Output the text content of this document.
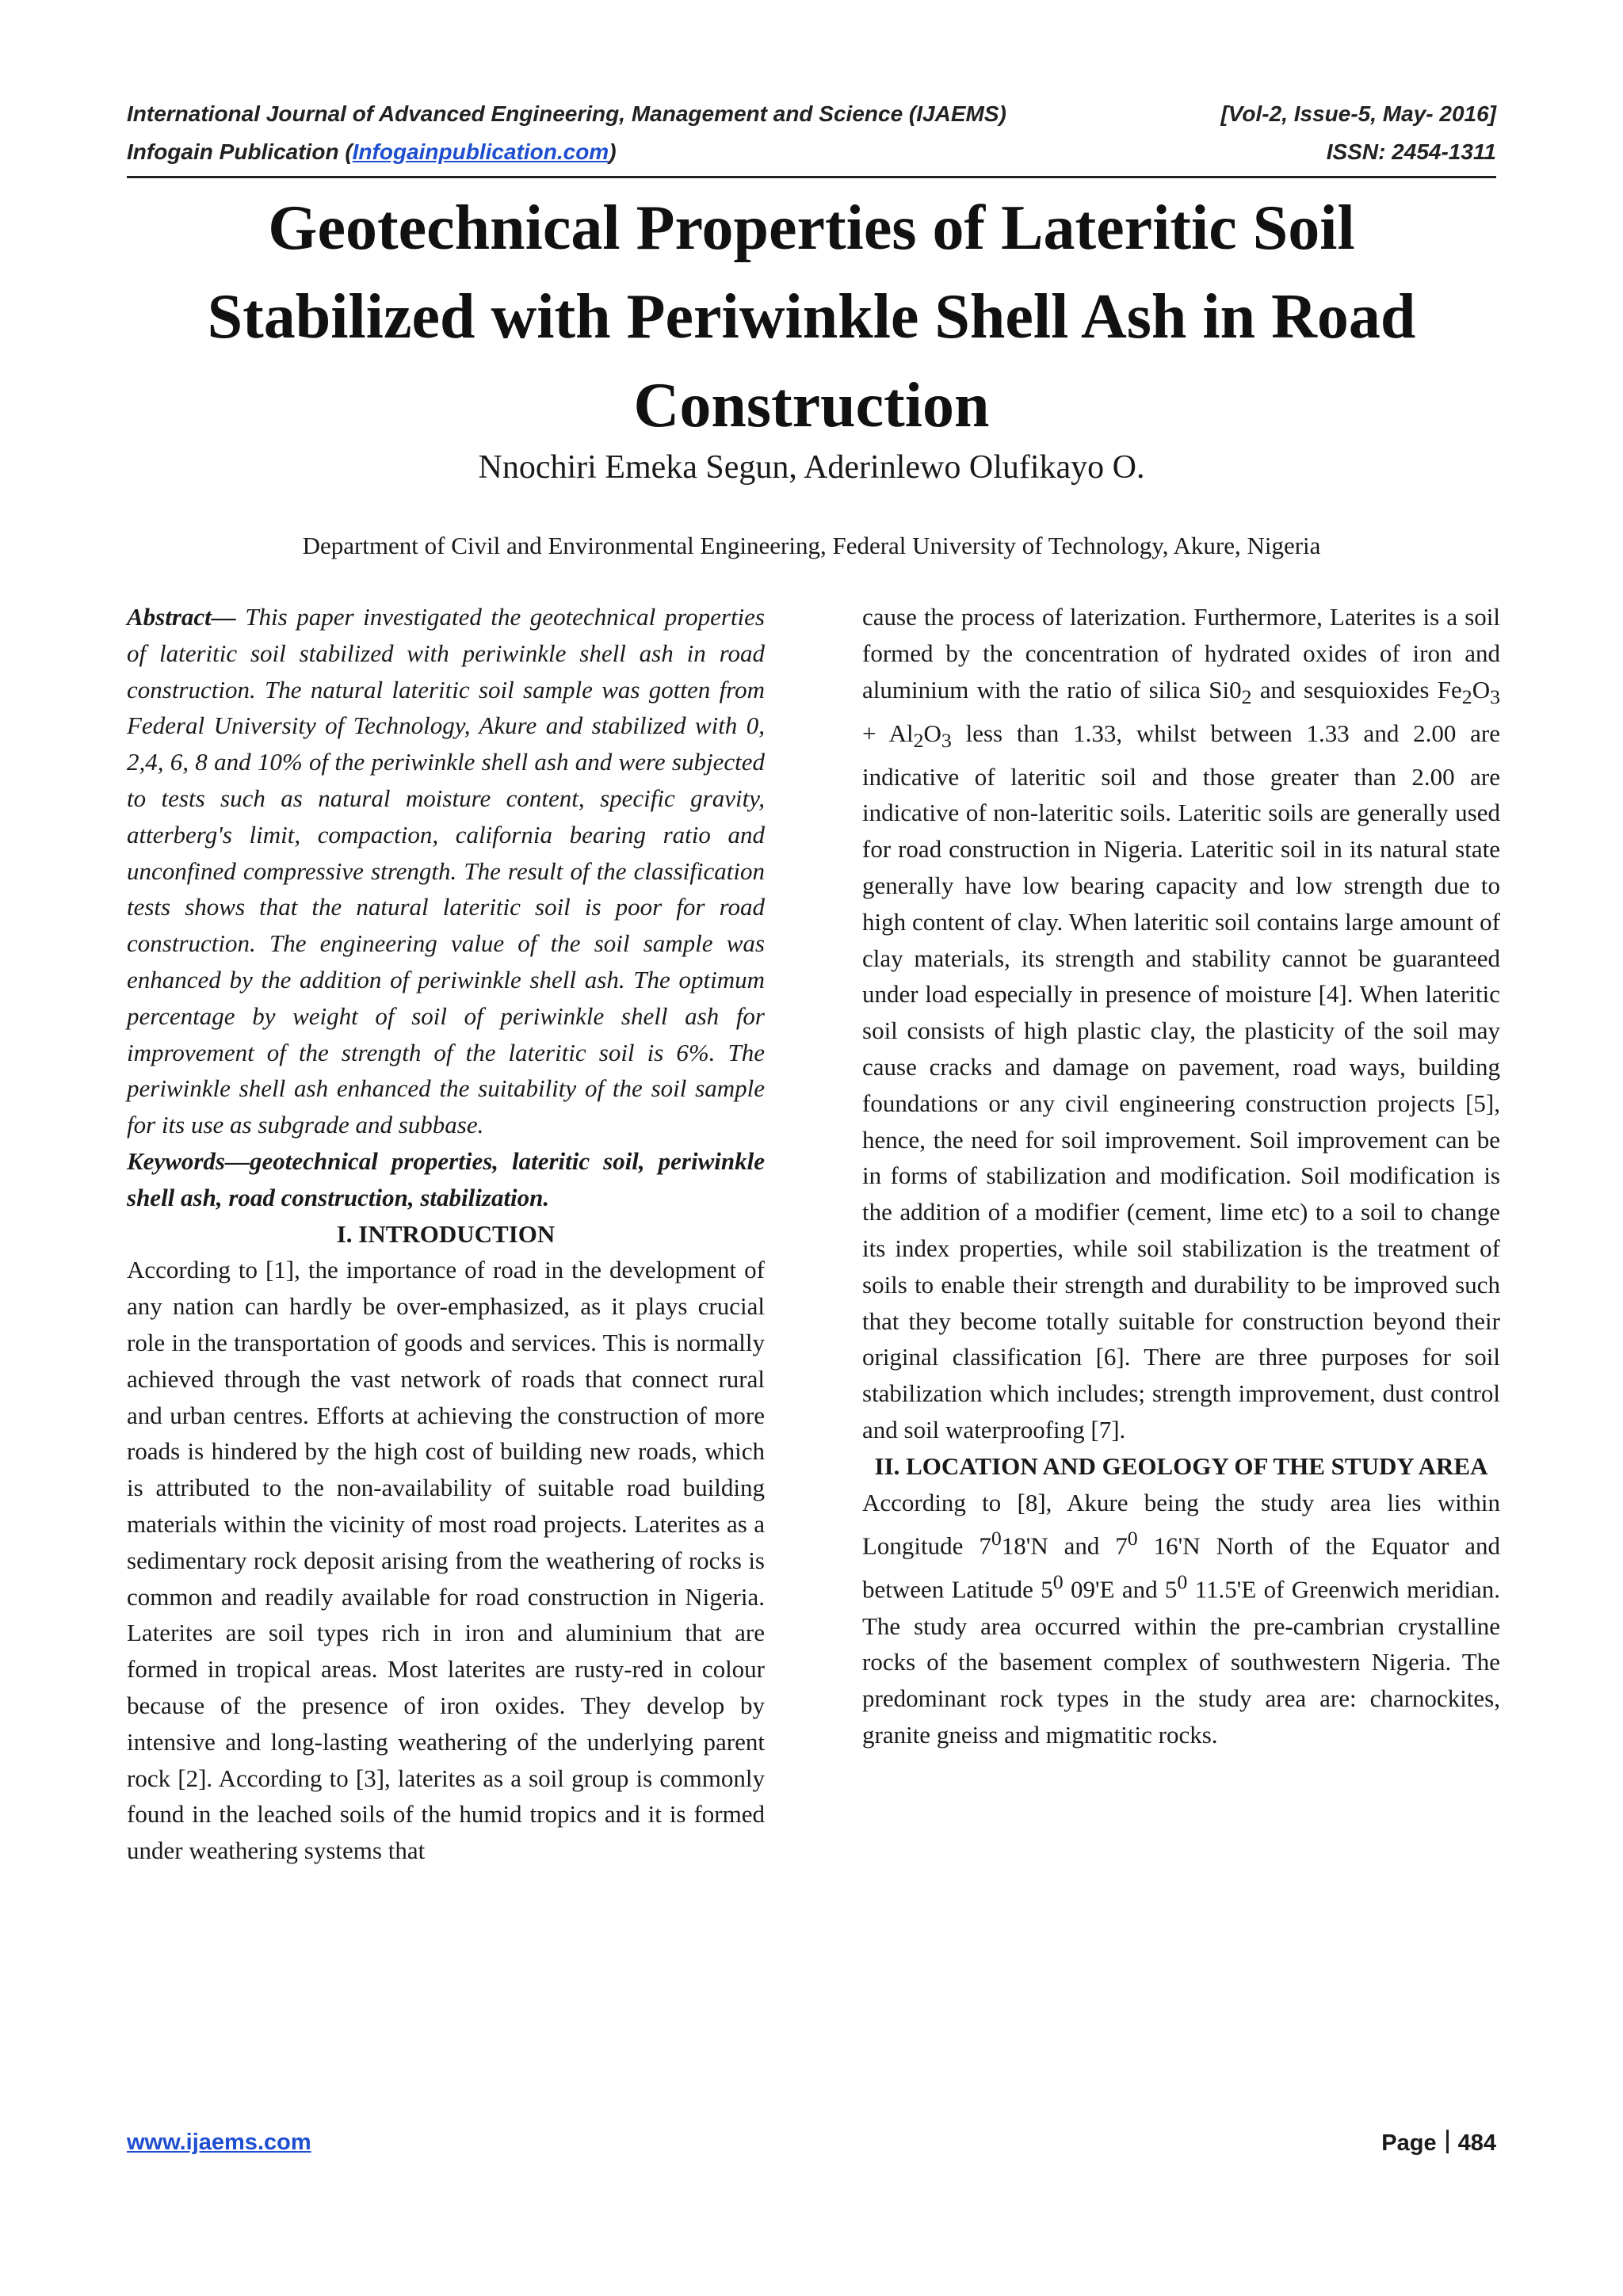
International Journal of Advanced Engineering, Management and Science (IJAEMS)	[Vol-2, Issue-5, May- 2016]
Infogain Publication (Infogainpublication.com)	ISSN: 2454-1311
Geotechnical Properties of Lateritic Soil Stabilized with Periwinkle Shell Ash in Road Construction
Nnochiri Emeka Segun, Aderinlewo Olufikayo O.
Department of Civil and Environmental Engineering, Federal University of Technology, Akure, Nigeria

Abstract— This paper investigated the geotechnical properties of lateritic soil stabilized with periwinkle shell ash in road construction. The natural lateritic soil sample was gotten from Federal University of Technology, Akure and stabilized with 0, 2,4, 6, 8 and 10% of the periwinkle shell ash and were subjected to tests such as natural moisture content, specific gravity, atterberg's limit, compaction, california bearing ratio and unconfined compressive strength. The result of the classification tests shows that the natural lateritic soil is poor for road construction. The engineering value of the soil sample was enhanced by the addition of periwinkle shell ash. The optimum percentage by weight of soil of periwinkle shell ash for improvement of the strength of the lateritic soil is 6%. The periwinkle shell ash enhanced the suitability of the soil sample for its use as subgrade and subbase.

Keywords—geotechnical properties, lateritic soil, periwinkle shell ash, road construction, stabilization.

I. INTRODUCTION

According to [1], the importance of road in the development of any nation can hardly be over-emphasized, as it plays crucial role in the transportation of goods and services. This is normally achieved through the vast network of roads that connect rural and urban centres. Efforts at achieving the construction of more roads is hindered by the high cost of building new roads, which is attributed to the non-availability of suitable road building materials within the vicinity of most road projects. Laterites as a sedimentary rock deposit arising from the weathering of rocks is common and readily available for road construction in Nigeria. Laterites are soil types rich in iron and aluminium that are formed in tropical areas. Most laterites are rusty-red in colour because of the presence of iron oxides. They develop by intensive and long-lasting weathering of the underlying parent rock [2]. According to [3], laterites as a soil group is commonly found in the leached soils of the humid tropics and it is formed under weathering systems that

cause the process of laterization. Furthermore, Laterites is a soil formed by the concentration of hydrated oxides of iron and aluminium with the ratio of silica $Si0_2$ and sesquioxides $Fe_2O_3 + Al_2O_3$ less than 1.33, whilst between 1.33 and 2.00 are indicative of lateritic soil and those greater than 2.00 are indicative of non-lateritic soils. Lateritic soils are generally used for road construction in Nigeria. Lateritic soil in its natural state generally have low bearing capacity and low strength due to high content of clay. When lateritic soil contains large amount of clay materials, its strength and stability cannot be guaranteed under load especially in presence of moisture [4]. When lateritic soil consists of high plastic clay, the plasticity of the soil may cause cracks and damage on pavement, road ways, building foundations or any civil engineering construction projects [5], hence, the need for soil improvement. Soil improvement can be in forms of stabilization and modification. Soil modification is the addition of a modifier (cement, lime etc) to a soil to change its index properties, while soil stabilization is the treatment of soils to enable their strength and durability to be improved such that they become totally suitable for construction beyond their original classification [6]. There are three purposes for soil stabilization which includes; strength improvement, dust control and soil waterproofing [7].

II. LOCATION AND GEOLOGY OF THE STUDY AREA

According to [8], Akure being the study area lies within Longitude $7^018'N$ and $7^0$ 16'N North of the Equator and between Latitude $5^0$ 09'E and $5^0$ 11.5'E of Greenwich meridian. The study area occurred within the pre-cambrian crystalline rocks of the basement complex of southwestern Nigeria. The predominant rock types in the study area are: charnockites, granite gneiss and migmatitic rocks.

www.ijaems.com	Page 484
